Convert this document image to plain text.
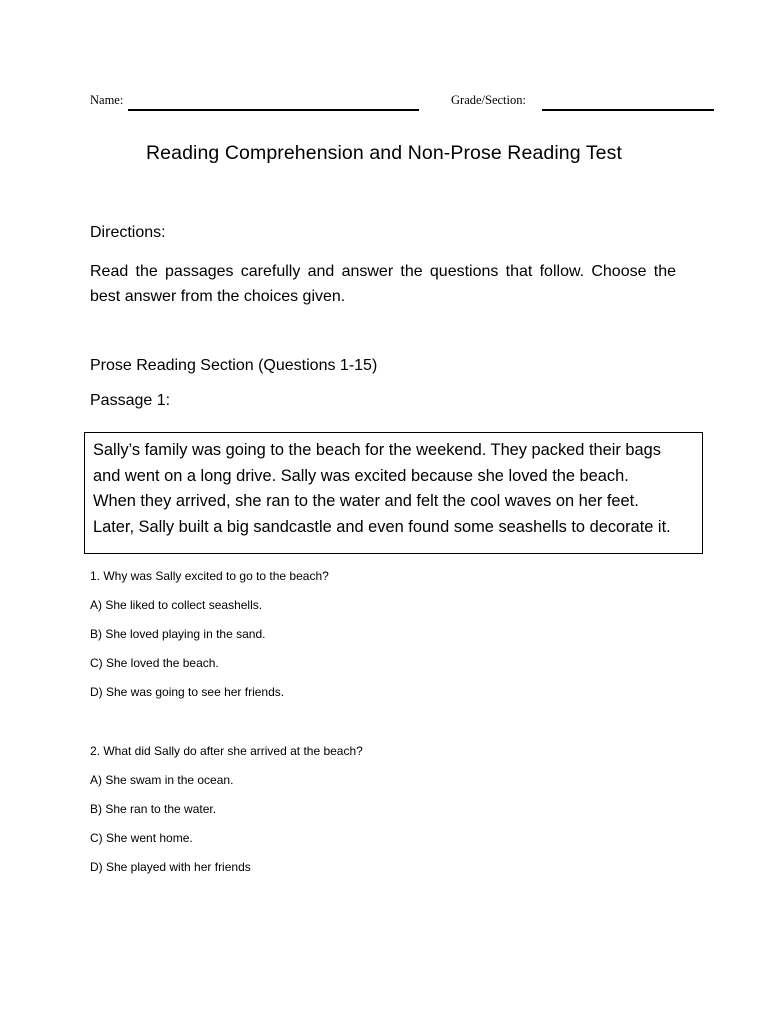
Name:	Grade/Section:
Reading Comprehension and Non-Prose Reading Test
Directions:
Read the passages carefully and answer the questions that follow. Choose the best answer from the choices given.
Prose Reading Section (Questions 1-15)
Passage 1:
Sally’s family was going to the beach for the weekend. They packed their bags
and went on a long drive. Sally was excited because she loved the beach.
When they arrived, she ran to the water and felt the cool waves on her feet.
Later, Sally built a big sandcastle and even found some seashells to decorate it.
1. Why was Sally excited to go to the beach?
A) She liked to collect seashells.
B) She loved playing in the sand.
C) She loved the beach.
D) She was going to see her friends.
2. What did Sally do after she arrived at the beach?
A) She swam in the ocean.
B) She ran to the water.
C) She went home.
D) She played with her friends
